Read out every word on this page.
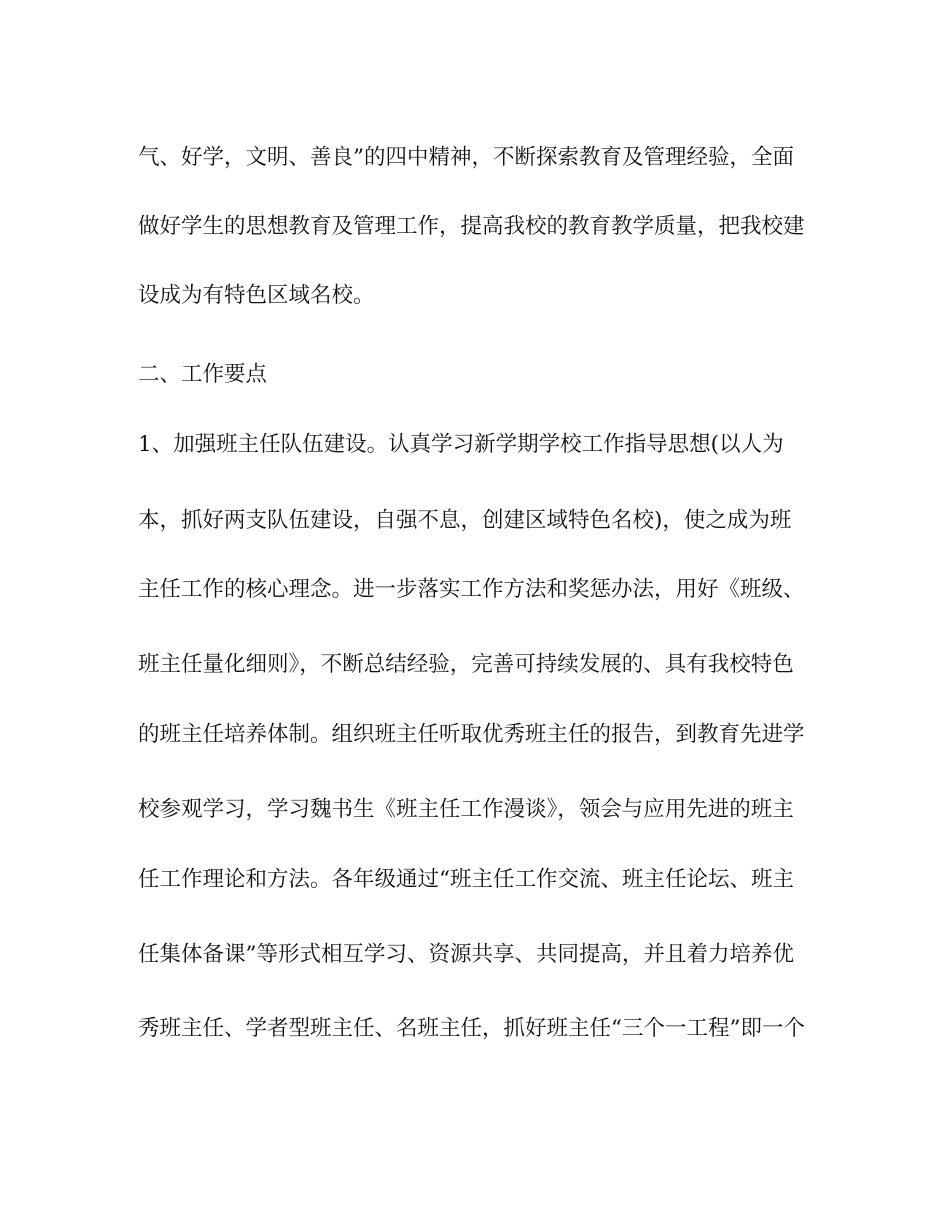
气、好学，文明、善良”的四中精神，不断探索教育及管理经验，全面
做好学生的思想教育及管理工作，提高我校的教育教学质量，把我校建
设成为有特色区域名校。
二、工作要点
1、加强班主任队伍建设。认真学习新学期学校工作指导思想(以人为
本，抓好两支队伍建设，自强不息，创建区域特色名校)，使之成为班
主任工作的核心理念。进一步落实工作方法和奖惩办法，用好《班级、
班主任量化细则》，不断总结经验，完善可持续发展的、具有我校特色
的班主任培养体制。组织班主任听取优秀班主任的报告，到教育先进学
校参观学习，学习魏书生《班主任工作漫谈》，领会与应用先进的班主
任工作理论和方法。各年级通过“班主任工作交流、班主任论坛、班主
任集体备课”等形式相互学习、资源共享、共同提高，并且着力培养优
秀班主任、学者型班主任、名班主任，抓好班主任“三个一工程”即一个
